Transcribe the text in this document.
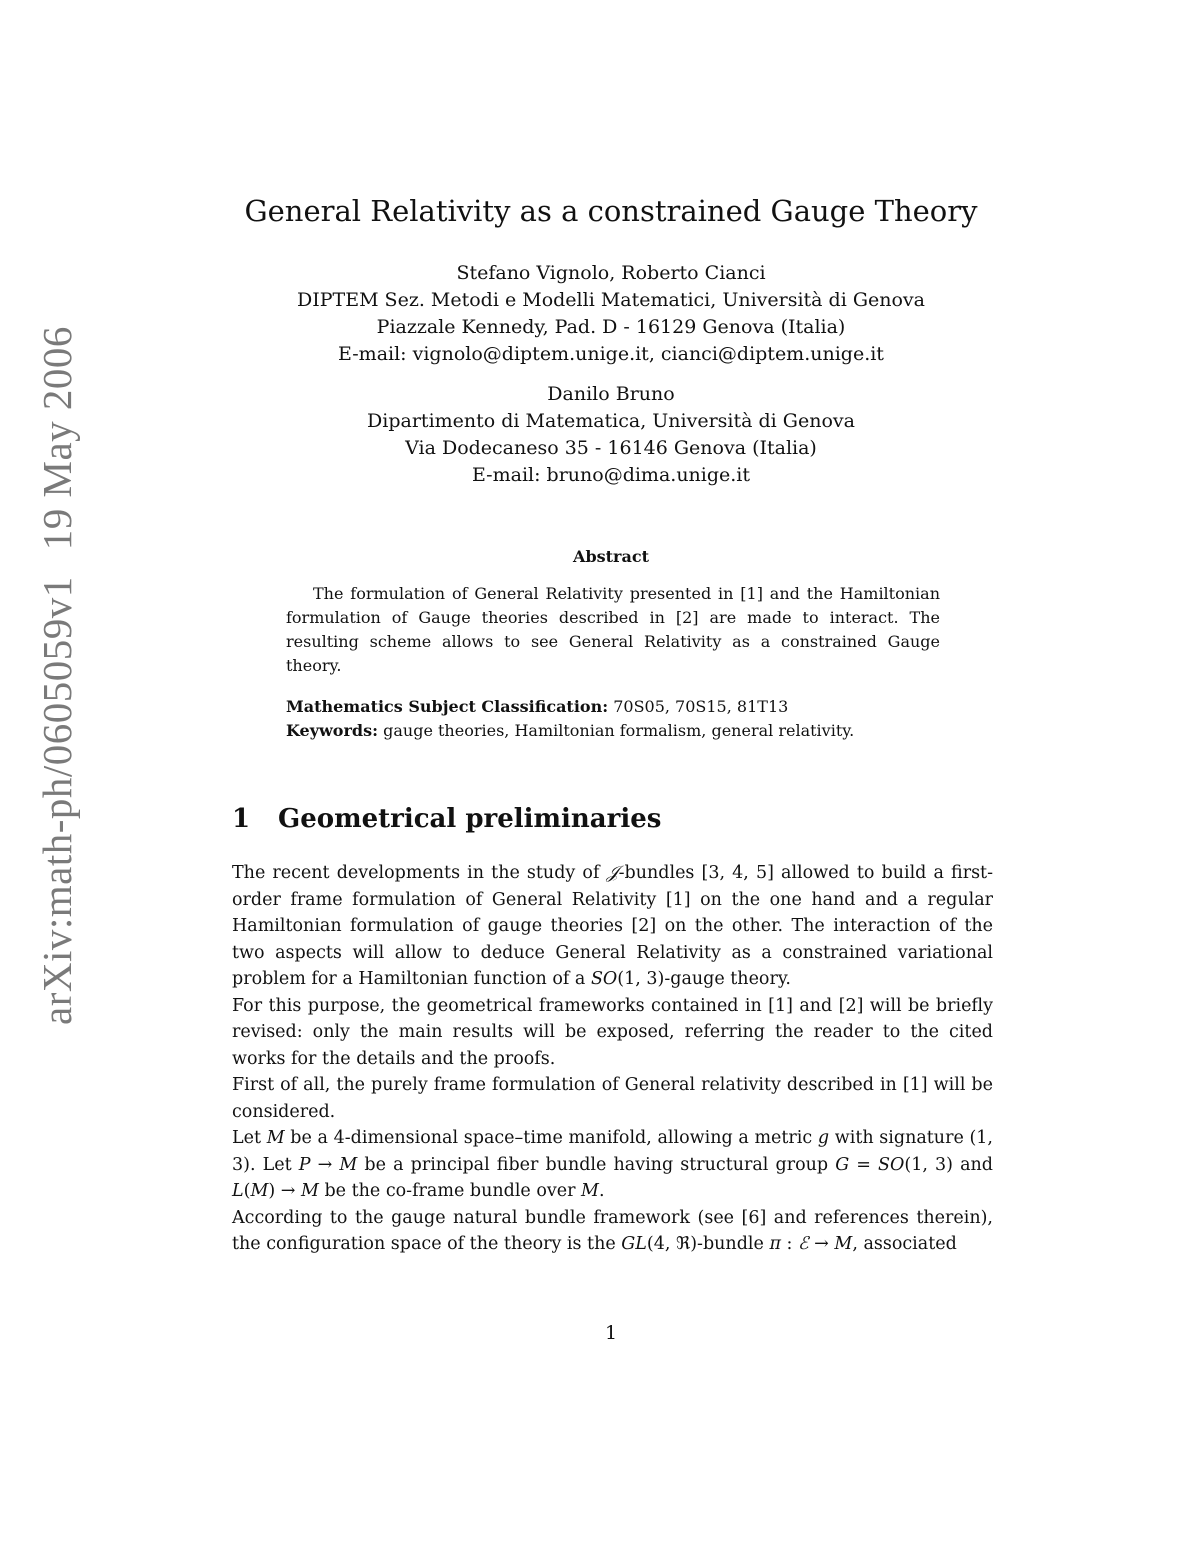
arXiv:math-ph/0605059v119 May 2006
General Relativity as a constrained Gauge Theory
Stefano Vignolo, Roberto Cianci
DIPTEM Sez. Metodi e Modelli Matematici, Università di Genova
Piazzale Kennedy, Pad. D - 16129 Genova (Italia)
E-mail: vignolo@diptem.unige.it, cianci@diptem.unige.it
Danilo Bruno
Dipartimento di Matematica, Università di Genova
Via Dodecaneso 35 - 16146 Genova (Italia)
E-mail: bruno@dima.unige.it
Abstract

The formulation of General Relativity presented in [1] and the Hamiltonian formulation of Gauge theories described in [2] are made to interact. The resulting scheme allows to see General Relativity as a constrained Gauge theory.

Mathematics Subject Classification: 70S05, 70S15, 81T13
Keywords: gauge theories, Hamiltonian formalism, general relativity.
1 Geometrical preliminaries

The recent developments in the study of 𝒥-bundles [3, 4, 5] allowed to build a first-order frame formulation of General Relativity [1] on the one hand and a regular Hamiltonian formulation of gauge theories [2] on the other. The interaction of the two aspects will allow to deduce General Relativity as a constrained variational problem for a Hamiltonian function of a SO(1, 3)-gauge theory.

For this purpose, the geometrical frameworks contained in [1] and [2] will be briefly revised: only the main results will be exposed, referring the reader to the cited works for the details and the proofs.

First of all, the purely frame formulation of General relativity described in [1] will be considered.

Let M be a 4-dimensional space–time manifold, allowing a metric g with signature (1, 3). Let P → M be a principal fiber bundle having structural group G = SO(1, 3) and L(M) → M be the co-frame bundle over M.

According to the gauge natural bundle framework (see [6] and references therein), the configuration space of the theory is the GL(4, ℜ)-bundle π : ℰ → M, associated

1
